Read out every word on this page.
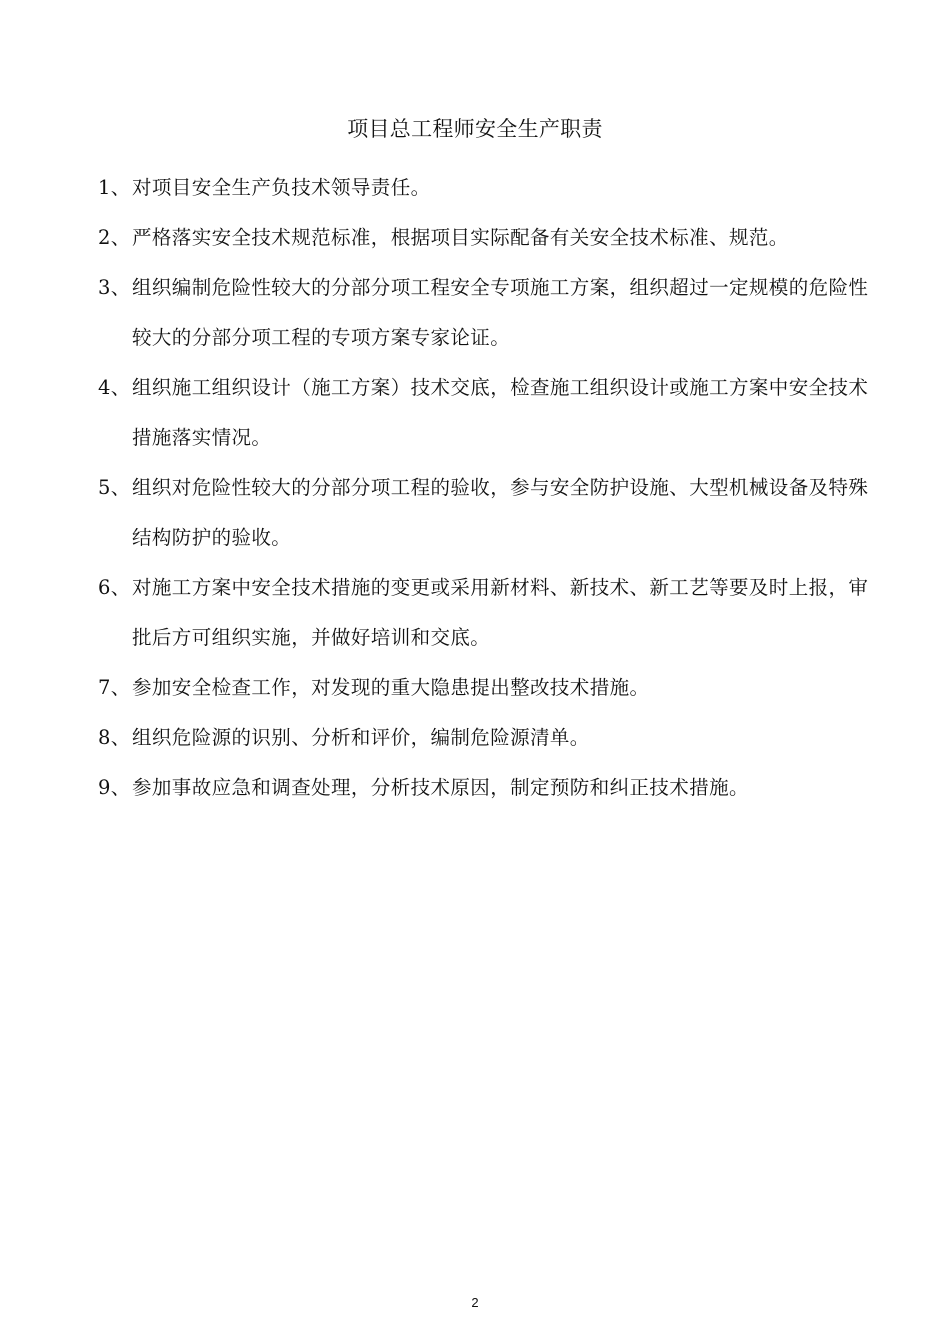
项目总工程师安全生产职责
1、 对项目安全生产负技术领导责任。
2、 严格落实安全技术规范标准，根据项目实际配备有关安全技术标准、规范。
3、 组织编制危险性较大的分部分项工程安全专项施工方案，组织超过一定规模的危险性较大的分部分项工程的专项方案专家论证。
4、 组织施工组织设计（施工方案）技术交底，检查施工组织设计或施工方案中安全技术措施落实情况。
5、 组织对危险性较大的分部分项工程的验收，参与安全防护设施、大型机械设备及特殊结构防护的验收。
6、 对施工方案中安全技术措施的变更或采用新材料、新技术、新工艺等要及时上报，审批后方可组织实施，并做好培训和交底。
7、 参加安全检查工作，对发现的重大隐患提出整改技术措施。
8、 组织危险源的识别、分析和评价，编制危险源清单。
9、 参加事故应急和调查处理，分析技术原因，制定预防和纠正技术措施。
2
